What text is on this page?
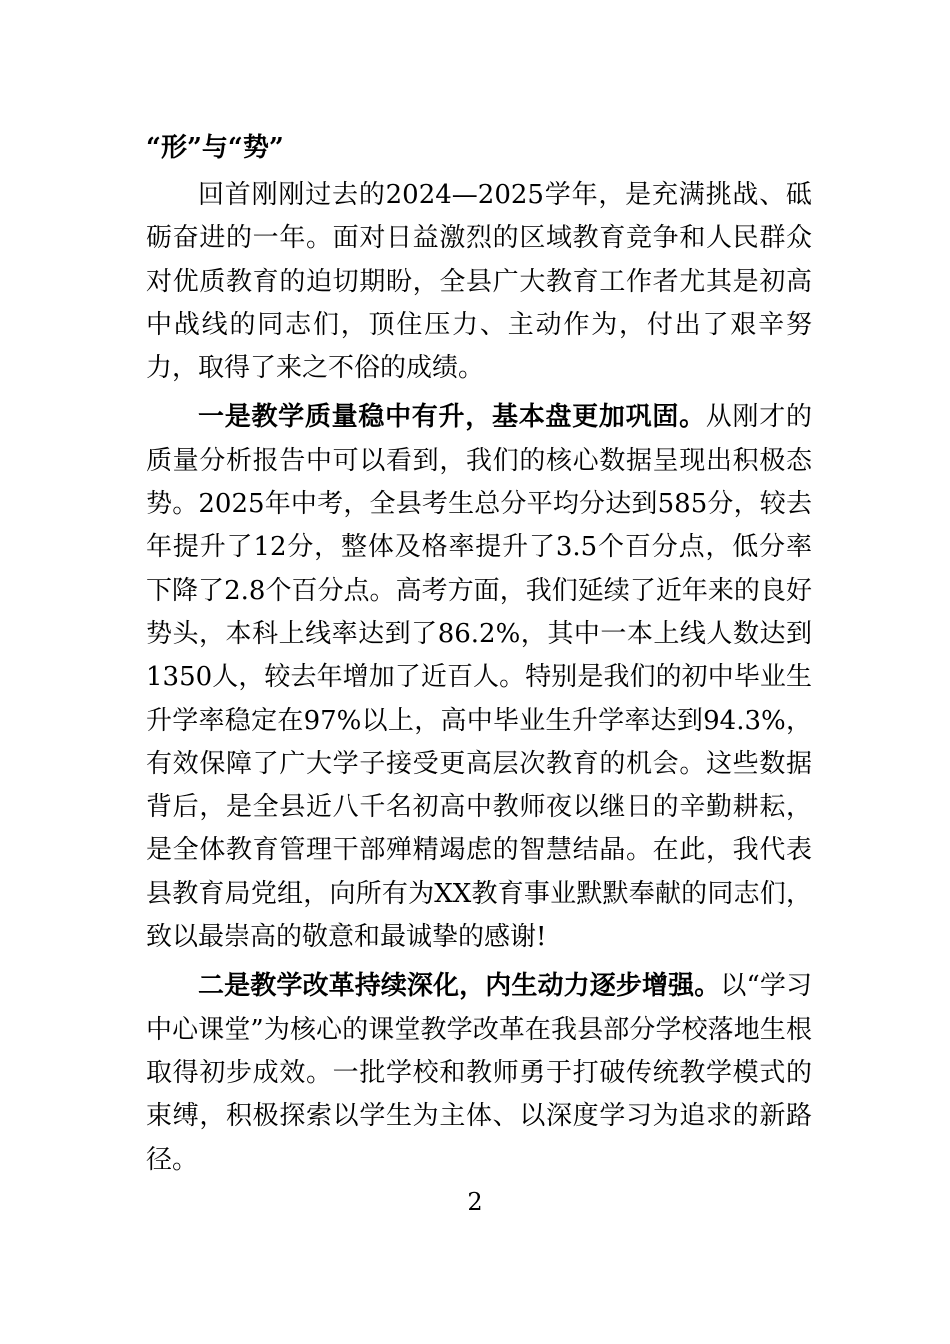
“形”与“势”

回首刚刚过去的2024—2025学年，是充满挑战、砥砺奋进的一年。面对日益激烈的区域教育竞争和人民群众对优质教育的迫切期盼，全县广大教育工作者尤其是初高中战线的同志们，顶住压力、主动作为，付出了艰辛努力，取得了来之不俗的成绩。

一是教学质量稳中有升，基本盘更加巩固。从刚才的质量分析报告中可以看到，我们的核心数据呈现出积极态势。2025年中考，全县考生总分平均分达到585分，较去年提升了12分，整体及格率提升了3.5个百分点，低分率下降了2.8个百分点。高考方面，我们延续了近年来的良好势头，本科上线率达到了86.2%，其中一本上线人数达到1350人，较去年增加了近百人。特别是我们的初中毕业生升学率稳定在97%以上，高中毕业生升学率达到94.3%，有效保障了广大学子接受更高层次教育的机会。这些数据背后，是全县近八千名初高中教师夜以继日的辛勤耕耘，是全体教育管理干部殚精竭虑的智慧结晶。在此，我代表县教育局党组，向所有为XX教育事业默默奉献的同志们，致以最崇高的敬意和最诚挚的感谢!

二是教学改革持续深化，内生动力逐步增强。以“学习中心课堂”为核心的课堂教学改革在我县部分学校落地生根取得初步成效。一批学校和教师勇于打破传统教学模式的束缚，积极探索以学生为主体、以深度学习为追求的新路径。

2
